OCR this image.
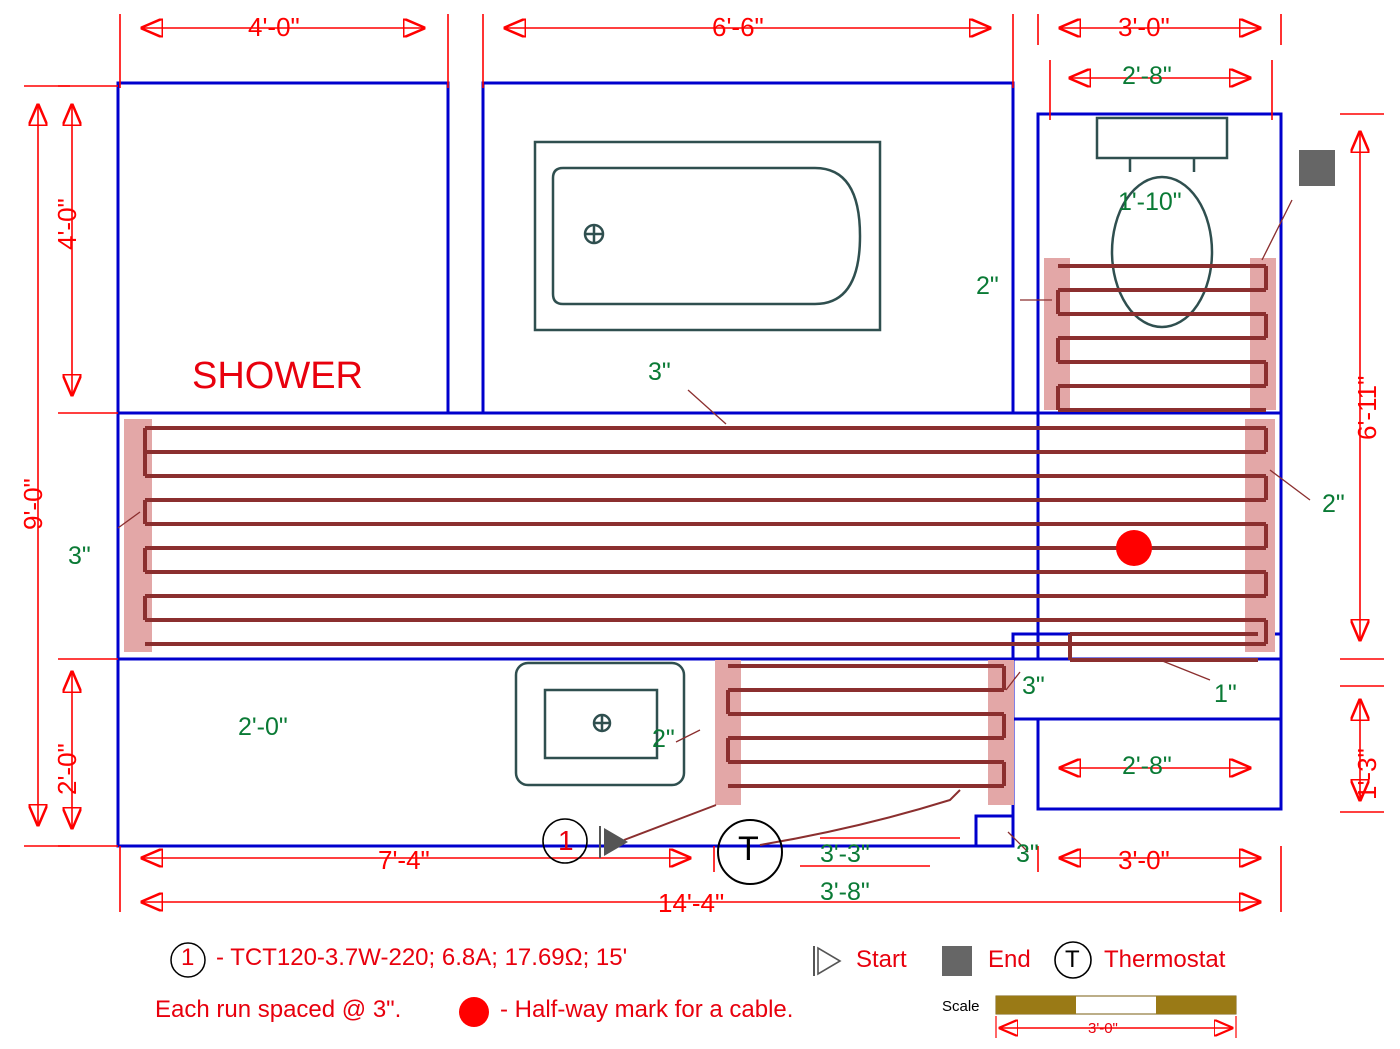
4'-0"	6'-6"	3'-0"
2'-8"
4'-0"
9'-0"
2'-0"
6'-11"
1'-3"
SHOWER
1'-10"
2'-0"
3"
3"
2"
2"
2"
3"
3"
1"
7'-4"
14'-4"
3'-0"
3'-3"
3'-8"
2'-8"
T
1
1 - TCT120-3.7W-220; 6.8A; 17.69Ω; 15'	Start	End	Thermostat
T
Each run spaced @ 3".	- Half-way mark for a cable.	Scale
3'-0"
